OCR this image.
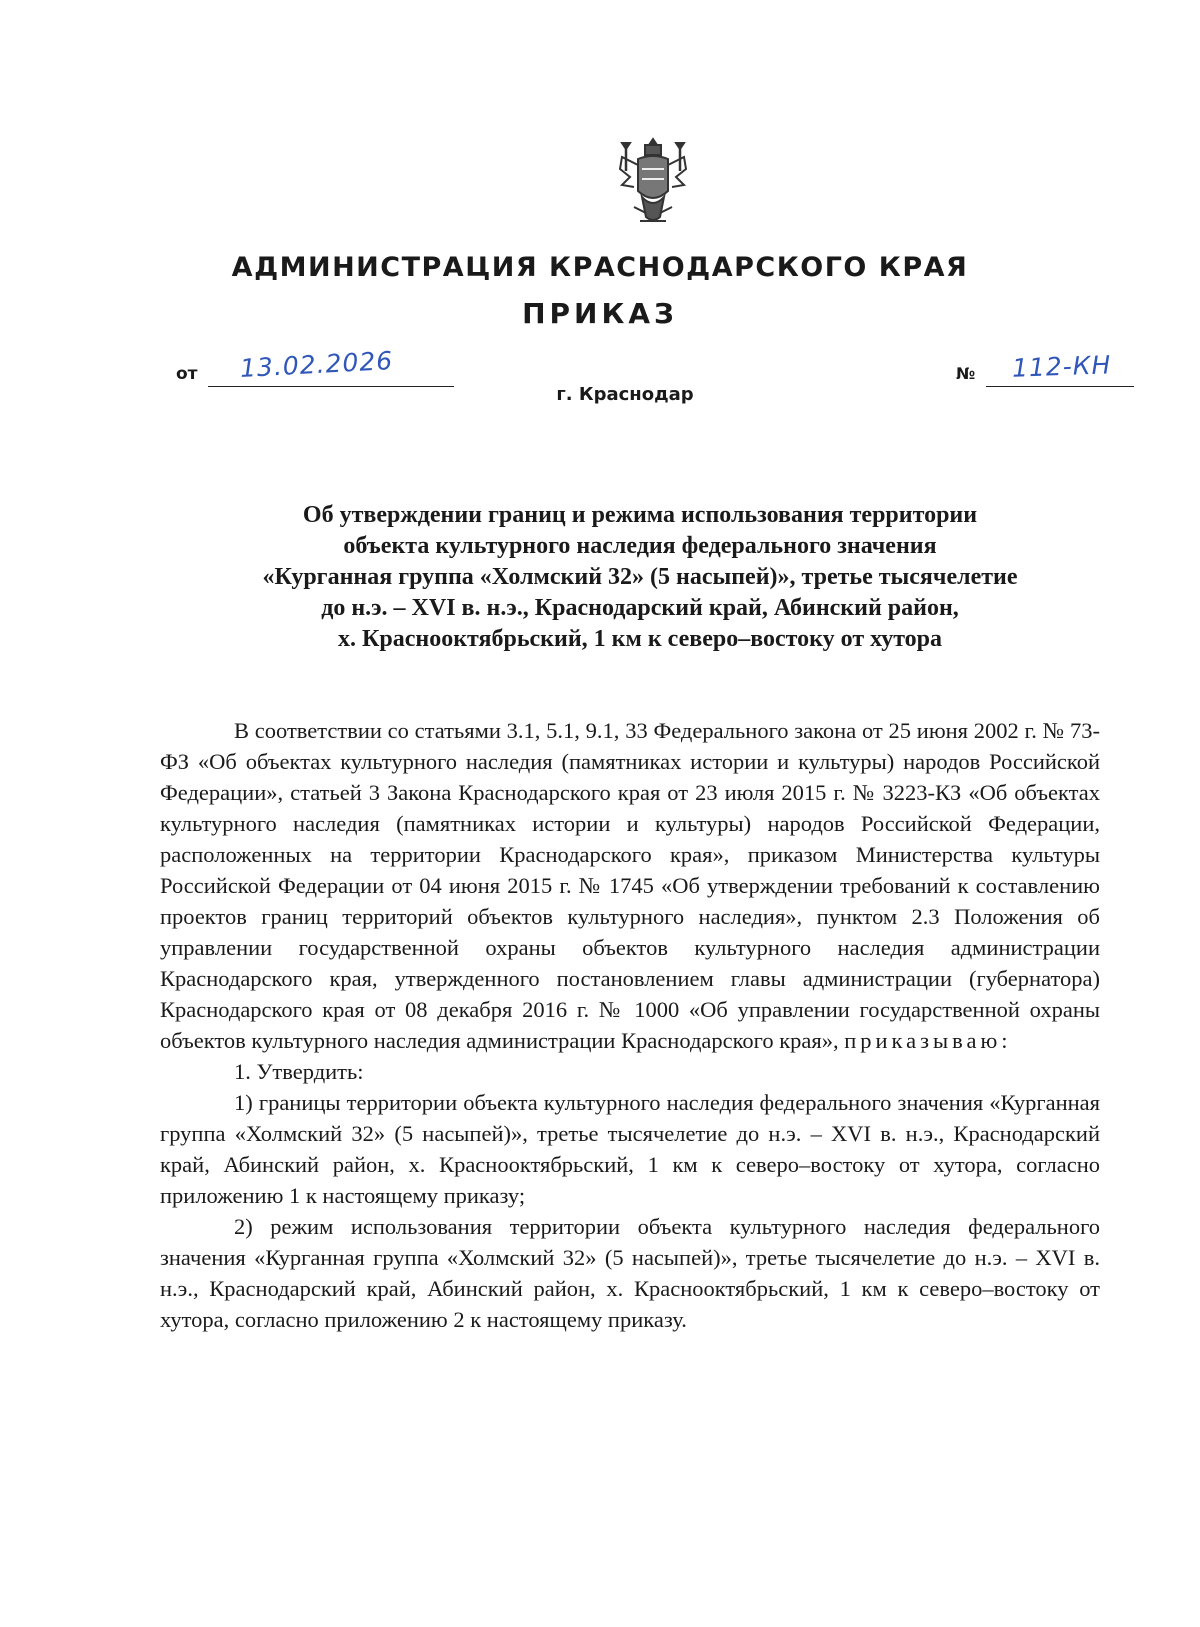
АДМИНИСТРАЦИЯ КРАСНОДАРСКОГО КРАЯ
ПРИКАЗ
от 13.02.2026	№ 112-КН
г. Краснодар
Об утверждении границ и режима использования территории
объекта культурного наследия федерального значения
«Курганная группа «Холмский 32» (5 насыпей)», третье тысячелетие
до н.э. – XVI в. н.э., Краснодарский край, Абинский район,
х. Краснооктябрьский, 1 км к северо–востоку от хутора

В соответствии со статьями 3.1, 5.1, 9.1, 33 Федерального закона от 25 июня 2002 г. № 73-ФЗ «Об объектах культурного наследия (памятниках истории и культуры) народов Российской Федерации», статьей 3 Закона Краснодарского края от 23 июля 2015 г. № 3223-КЗ «Об объектах культурного наследия (памятниках истории и культуры) народов Российской Федерации, расположенных на территории Краснодарского края», приказом Министерства культуры Российской Федерации от 04 июня 2015 г. № 1745 «Об утверждении требований к составлению проектов границ территорий объектов культурного наследия», пунктом 2.3 Положения об управлении государственной охраны объектов культурного наследия администрации Краснодарского края, утвержденного постановлением главы администрации (губернатора) Краснодарского края от 08 декабря 2016 г. № 1000 «Об управлении государственной охраны объектов культурного наследия администрации Краснодарского края», приказываю:

1. Утвердить:

1) границы территории объекта культурного наследия федерального значения «Курганная группа «Холмский 32» (5 насыпей)», третье тысячелетие до н.э. – XVI в. н.э., Краснодарский край, Абинский район, х. Краснооктябрьский, 1 км к северо–востоку от хутора, согласно приложению 1 к настоящему приказу;

2) режим использования территории объекта культурного наследия федерального значения «Курганная группа «Холмский 32» (5 насыпей)», третье тысячелетие до н.э. – XVI в. н.э., Краснодарский край, Абинский район, х. Краснооктябрьский, 1 км к северо–востоку от хутора, согласно приложению 2 к настоящему приказу.
